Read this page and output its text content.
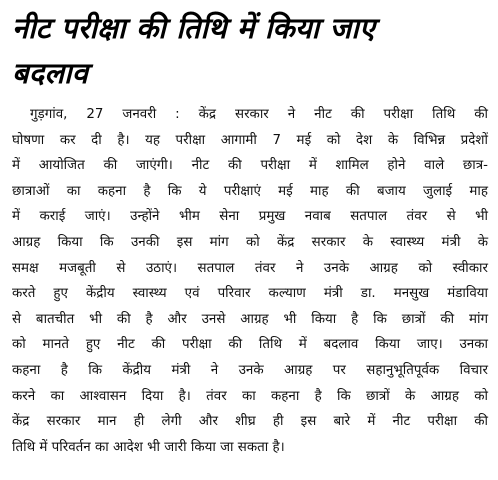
नीट परीक्षा की तिथि में किया जाए
बदलाव
गुड़गांव, 27 जनवरी : केंद्र सरकार ने नीट की परीक्षा तिथि की
घोषणा कर दी है। यह परीक्षा आगामी 7 मई को देश के विभिन्न प्रदेशों
में आयोजित की जाएंगी। नीट की परीक्षा में शामिल होने वाले छात्र-
छात्राओं का कहना है कि ये परीक्षाएं मई माह की बजाय जुलाई माह
में कराई जाएं। उन्होंने भीम सेना प्रमुख नवाब सतपाल तंवर से भी
आग्रह किया कि उनकी इस मांग को केंद्र सरकार के स्वास्थ्य मंत्री के
समक्ष मजबूती से उठाएं। सतपाल तंवर ने उनके आग्रह को स्वीकार
करते हुए केंद्रीय स्वास्थ्य एवं परिवार कल्याण मंत्री डा. मनसुख मंडाविया
से बातचीत भी की है और उनसे आग्रह भी किया है कि छात्रों की मांग
को मानते हुए नीट की परीक्षा की तिथि में बदलाव किया जाए। उनका
कहना है कि केंद्रीय मंत्री ने उनके आग्रह पर सहानुभूतिपूर्वक विचार
करने का आश्वासन दिया है। तंवर का कहना है कि छात्रों के आग्रह को
केंद्र सरकार मान ही लेगी और शीघ्र ही इस बारे में नीट परीक्षा की
तिथि में परिवर्तन का आदेश भी जारी किया जा सकता है।
